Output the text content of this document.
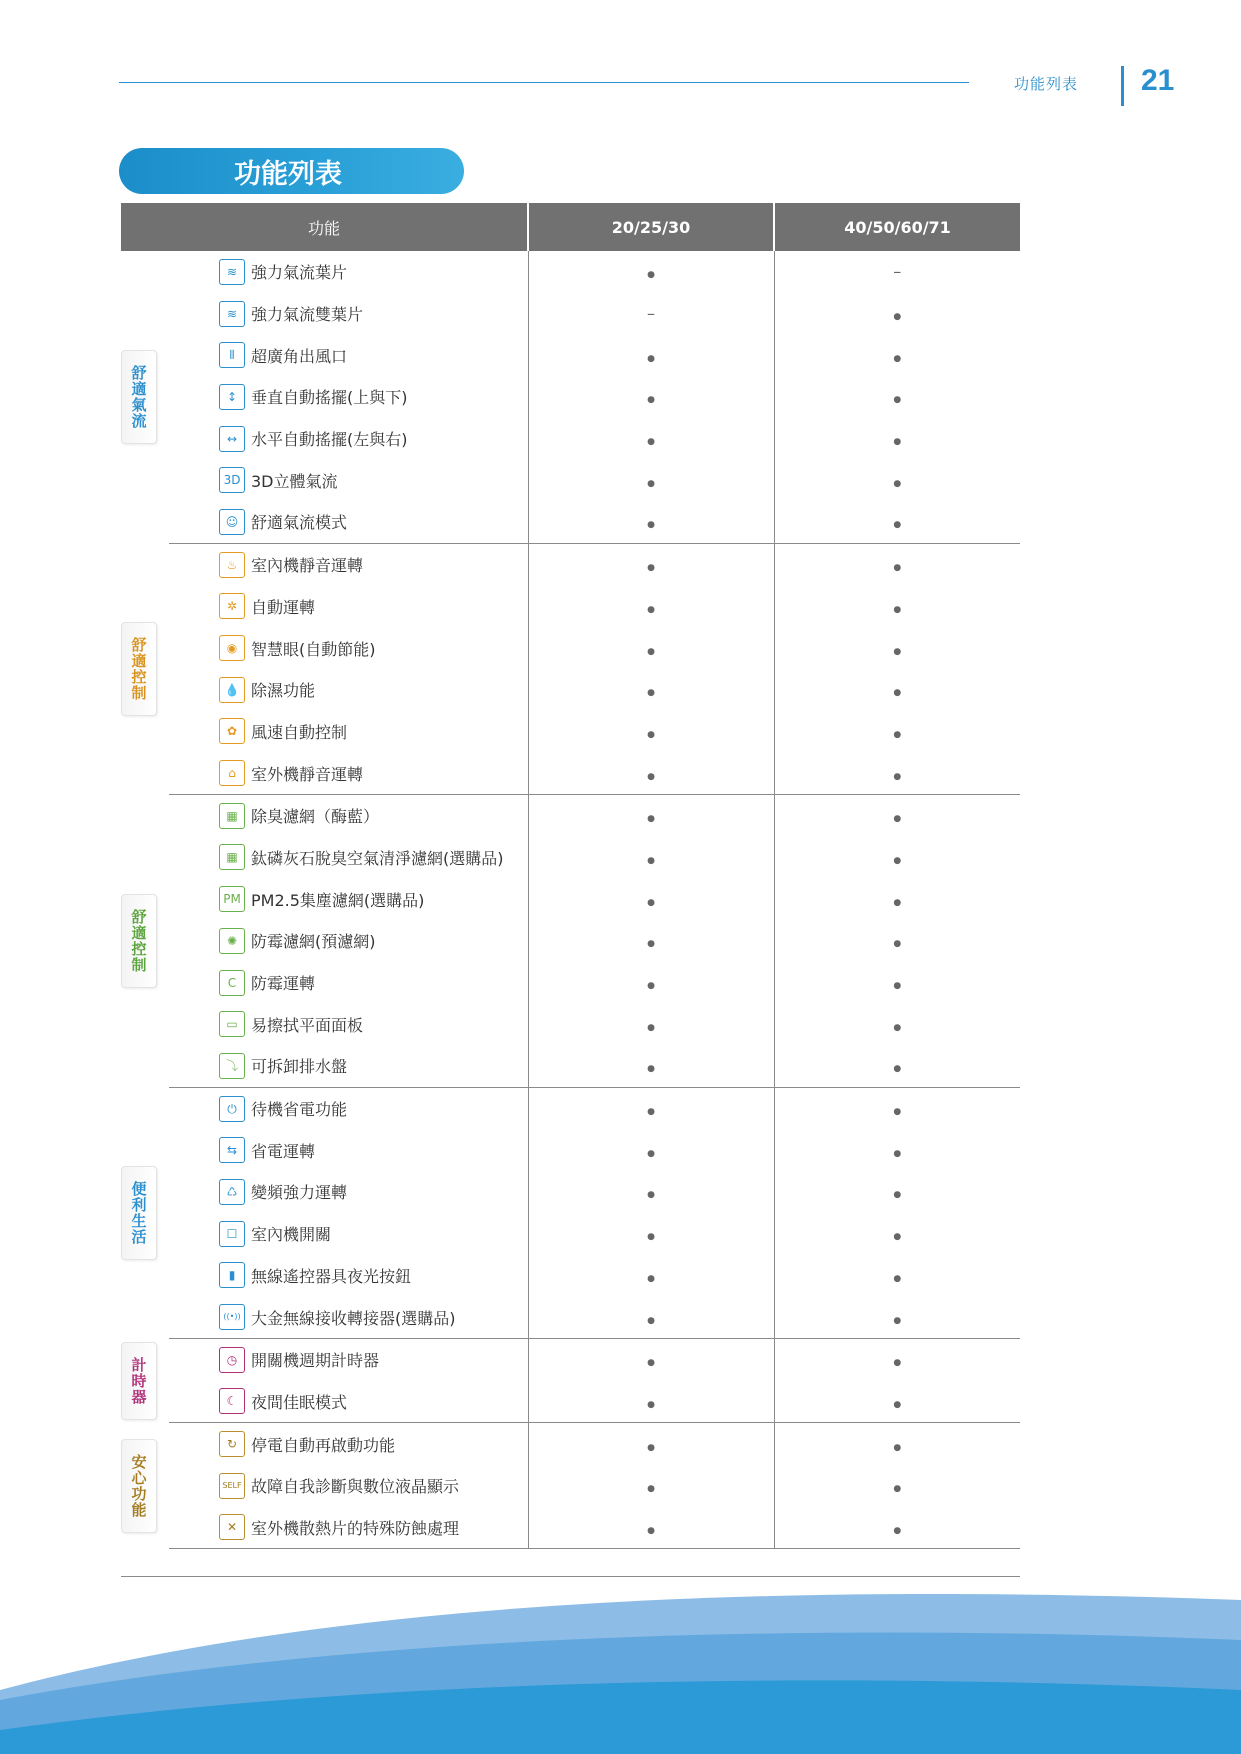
功能列表 21
功能列表
功能		20/25/30	40/50/60/71

舒適氣流	≋ 強力氣流葉片	●	–

	≋ 強力氣流雙葉片	–	●

	⦀ 超廣角出風口	●	●

	↕ 垂直自動搖擺(上與下)	●	●

	↔ 水平自動搖擺(左與右)	●	●

	3D 3D立體氣流	●	●

	☺ 舒適氣流模式	●	●

舒適控制	♨ 室內機靜音運轉	●	●

	✲ 自動運轉	●	●

	◉ 智慧眼(自動節能)	●	●

	💧 除濕功能	●	●

	✿ 風速自動控制	●	●

	⌂ 室外機靜音運轉	●	●

舒適控制	▦ 除臭濾網（酶藍）	●	●

	▦ 鈦磷灰石脫臭空氣清淨濾網(選購品)	●	●

	PM PM2.5集塵濾網(選購品)	●	●

	✺ 防霉濾網(預濾網)	●	●

	C 防霉運轉	●	●

	▭ 易擦拭平面面板	●	●

	⤵ 可拆卸排水盤	●	●

便利生活	⏻ 待機省電功能	●	●

	⇆ 省電運轉	●	●

	♺ 變頻強力運轉	●	●

	☐ 室內機開關	●	●

	▮ 無線遙控器具夜光按鈕	●	●

	((•)) 大金無線接收轉接器(選購品)	●	●

計時器	◷ 開關機週期計時器	●	●

	☾ 夜間佳眠模式	●	●

安心功能	↻ 停電自動再啟動功能	●	●

	SELF 故障自我診斷與數位液晶顯示	●	●

	✕ 室外機散熱片的特殊防蝕處理	●	●
